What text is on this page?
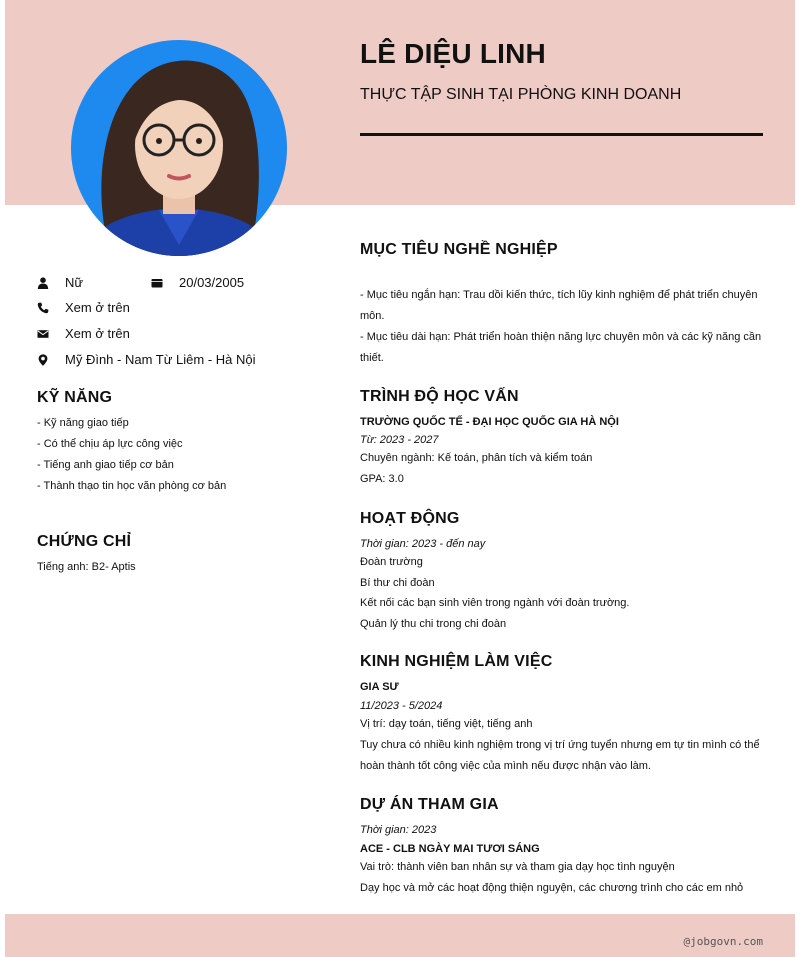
LÊ DIỆU LINH
THỰC TẬP SINH TẠI PHÒNG KINH DOANH
Nữ	20/03/2005
Xem ở trên
Xem ở trên
Mỹ Đình - Nam Từ Liêm - Hà Nội
KỸ NĂNG
- Kỹ năng giao tiếp
- Có thể chịu áp lực công việc
- Tiếng anh giao tiếp cơ bản
- Thành thạo tin học văn phòng cơ bản
CHỨNG CHỈ
Tiếng anh: B2- Aptis
MỤC TIÊU NGHỀ NGHIỆP
- Mục tiêu ngắn hạn: Trau dồi kiến thức, tích lũy kinh nghiệm để phát triển chuyên
môn.
- Mục tiêu dài hạn: Phát triển hoàn thiện năng lực chuyên môn và các kỹ năng cần
thiết.
TRÌNH ĐỘ HỌC VẤN
TRƯỜNG QUỐC TẾ - ĐẠI HỌC QUỐC GIA HÀ NỘI
Từ: 2023 - 2027
Chuyên ngành: Kế toán, phân tích và kiểm toán
GPA: 3.0
HOẠT ĐỘNG
Thời gian: 2023 - đến nay
Đoàn trường
Bí thư chi đoàn
Kết nối các bạn sinh viên trong ngành với đoàn trường.
Quản lý thu chi trong chi đoàn
KINH NGHIỆM LÀM VIỆC
GIA SƯ
11/2023 - 5/2024
Vị trí: dạy toán, tiếng việt, tiếng anh
Tuy chưa có nhiều kinh nghiệm trong vị trí ứng tuyển nhưng em tự tin mình có thể
hoàn thành tốt công việc của mình nếu được nhận vào làm.
DỰ ÁN THAM GIA
Thời gian: 2023
ACE - CLB NGÀY MAI TƯƠI SÁNG
Vai trò: thành viên ban nhân sự và tham gia dạy học tình nguyện
Dạy học và mở các hoạt động thiện nguyện, các chương trình cho các em nhỏ
@jobgovn.com
